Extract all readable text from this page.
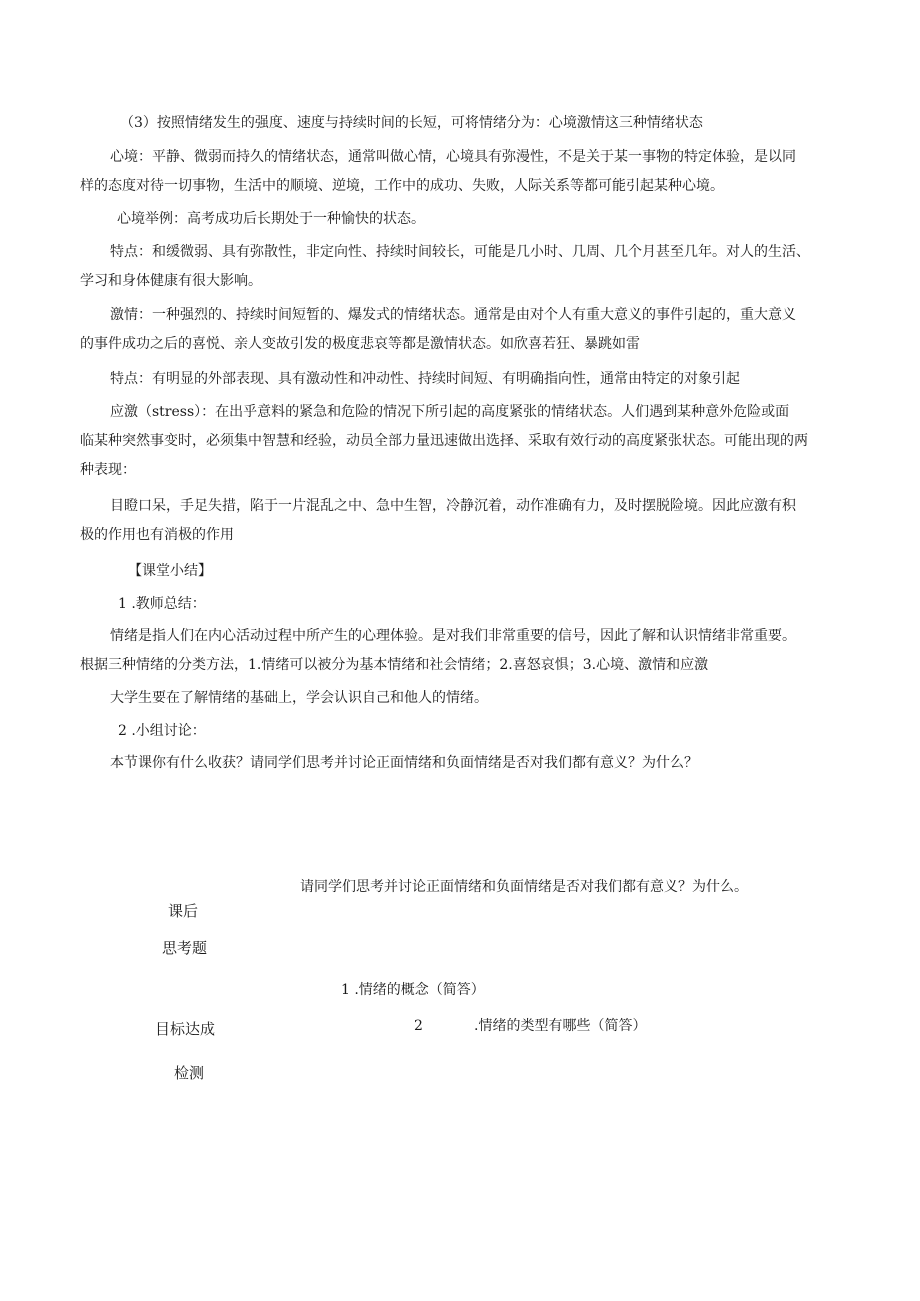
（3）按照情绪发生的强度、速度与持续时间的长短，可将情绪分为：心境激情这三种情绪状态
心境：平静、微弱而持久的情绪状态，通常叫做心情，心境具有弥漫性，不是关于某一事物的特定体验，是以同
样的态度对待一切事物，生活中的顺境、逆境，工作中的成功、失败，人际关系等都可能引起某种心境。
心境举例：高考成功后长期处于一种愉快的状态。
特点：和缓微弱、具有弥散性，非定向性、持续时间较长，可能是几小时、几周、几个月甚至几年。对人的生活、
学习和身体健康有很大影响。
激情：一种强烈的、持续时间短暂的、爆发式的情绪状态。通常是由对个人有重大意义的事件引起的，重大意义
的事件成功之后的喜悦、亲人变故引发的极度悲哀等都是激情状态。如欣喜若狂、暴跳如雷
特点：有明显的外部表现、具有激动性和冲动性、持续时间短、有明确指向性，通常由特定的对象引起
应激（stress）：在出乎意料的紧急和危险的情况下所引起的高度紧张的情绪状态。人们遇到某种意外危险或面
临某种突然事变时，必须集中智慧和经验，动员全部力量迅速做出选择、采取有效行动的高度紧张状态。可能出现的两
种表现：
目瞪口呆，手足失措，陷于一片混乱之中、急中生智，冷静沉着，动作准确有力，及时摆脱险境。因此应激有积
极的作用也有消极的作用
【课堂小结】
1 .教师总结：
情绪是指人们在内心活动过程中所产生的心理体验。是对我们非常重要的信号，因此了解和认识情绪非常重要。
根据三种情绪的分类方法，1.情绪可以被分为基本情绪和社会情绪；2.喜怒哀惧；3.心境、激情和应激
大学生要在了解情绪的基础上，学会认识自己和他人的情绪。
2 .小组讨论：
本节课你有什么收获？请同学们思考并讨论正面情绪和负面情绪是否对我们都有意义？为什么？
课后
思考题
请同学们思考并讨论正面情绪和负面情绪是否对我们都有意义？为什么。
目标达成
检测
1 .情绪的概念（简答）
2	.情绪的类型有哪些（简答）
